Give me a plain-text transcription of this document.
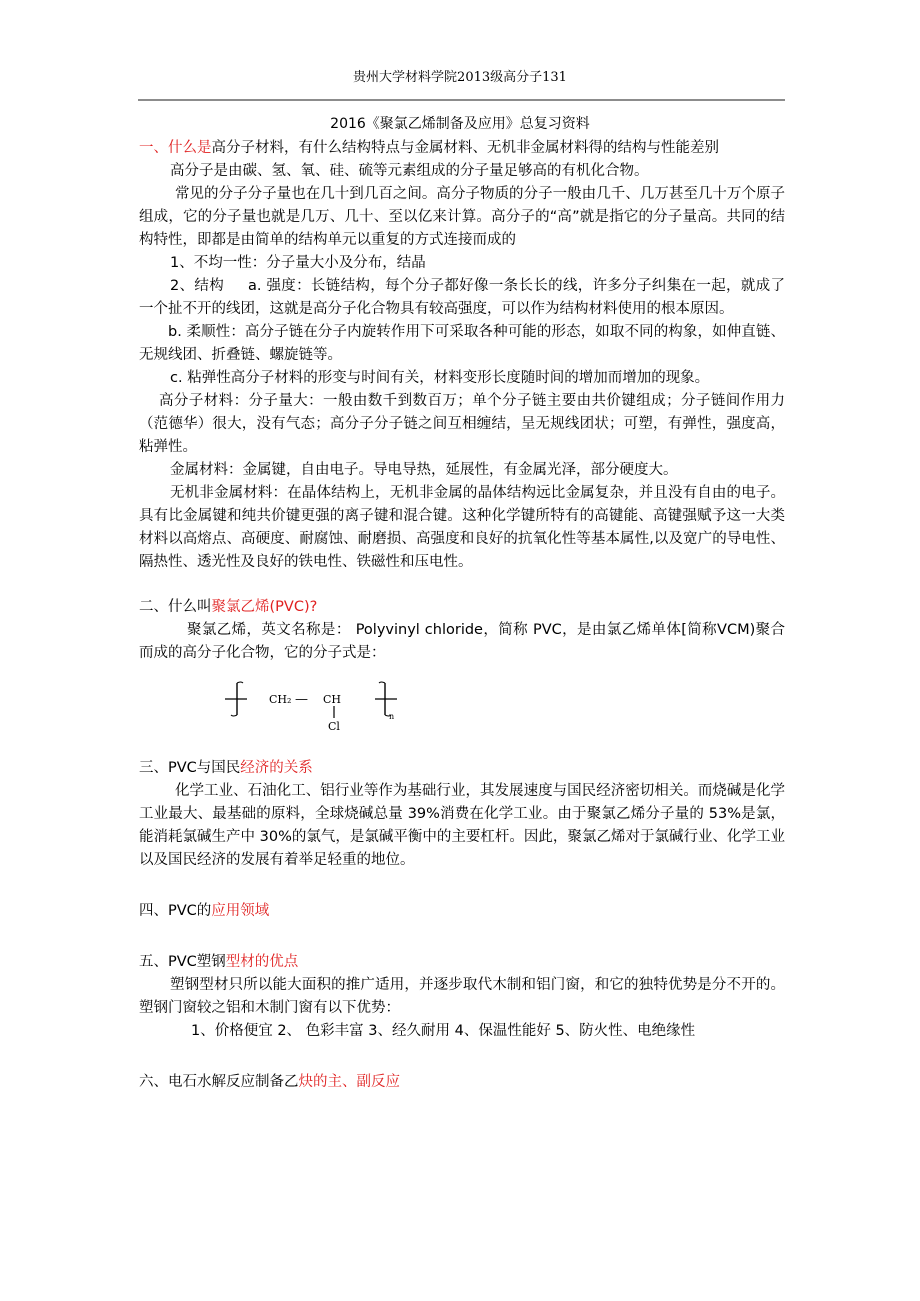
贵州大学材料学院2013级高分子131
2016《聚氯乙烯制备及应用》总复习资料

一、什么是高分子材料，有什么结构特点与金属材料、无机非金属材料得的结构与性能差别

高分子是由碳、氢、氧、硅、硫等元素组成的分子量足够高的有机化合物。

常见的分子分子量也在几十到几百之间。高分子物质的分子一般由几千、几万甚至几十万个原子组成，它的分子量也就是几万、几十、至以亿来计算。高分子的“高”就是指它的分子量高。共同的结构特性，即都是由简单的结构单元以重复的方式连接而成的

1、不均一性：分子量大小及分布，结晶

2、结构 a. 强度：长链结构，每个分子都好像一条长长的线，许多分子纠集在一起，就成了一个扯不开的线团，这就是高分子化合物具有较高强度，可以作为结构材料使用的根本原因。

b. 柔顺性：高分子链在分子内旋转作用下可采取各种可能的形态，如取不同的构象，如伸直链、无规线团、折叠链、螺旋链等。

c. 粘弹性高分子材料的形变与时间有关，材料变形长度随时间的增加而增加的现象。

高分子材料：分子量大：一般由数千到数百万；单个分子链主要由共价键组成；分子链间作用力（范德华）很大，没有气态；高分子分子链之间互相缠结，呈无规线团状；可塑，有弹性，强度高，粘弹性。

金属材料：金属键，自由电子。导电导热，延展性，有金属光泽，部分硬度大。

无机非金属材料：在晶体结构上，无机非金属的晶体结构远比金属复杂，并且没有自由的电子。具有比金属键和纯共价键更强的离子键和混合键。这种化学键所特有的高键能、高键强赋予这一大类材料以高熔点、高硬度、耐腐蚀、耐磨损、高强度和良好的抗氧化性等基本属性,以及宽广的导电性、隔热性、透光性及良好的铁电性、铁磁性和压电性。

二、什么叫聚氯乙烯(PVC)?

聚氯乙烯，英文名称是： Polyvinyl chloride，简称 PVC，是由氯乙烯单体[简称VCM)聚合而成的高分子化合物，它的分子式是：

CH₂ — CH
Cl
n

三、PVC与国民经济的关系

化学工业、石油化工、铝行业等作为基础行业，其发展速度与国民经济密切相关。而烧碱是化学工业最大、最基础的原料，全球烧碱总量 39%消费在化学工业。由于聚氯乙烯分子量的 53%是氯，能消耗氯碱生产中 30%的氯气，是氯碱平衡中的主要杠杆。因此，聚氯乙烯对于氯碱行业、化学工业以及国民经济的发展有着举足轻重的地位。

四、PVC的应用领域

五、PVC塑钢型材的优点

塑钢型材只所以能大面积的推广适用，并逐步取代木制和铝门窗，和它的独特优势是分不开的。塑钢门窗较之铝和木制门窗有以下优势：

1、价格便宜 2、 色彩丰富 3、经久耐用 4、保温性能好 5、防火性、电绝缘性

六、电石水解反应制备乙炔的主、副反应
